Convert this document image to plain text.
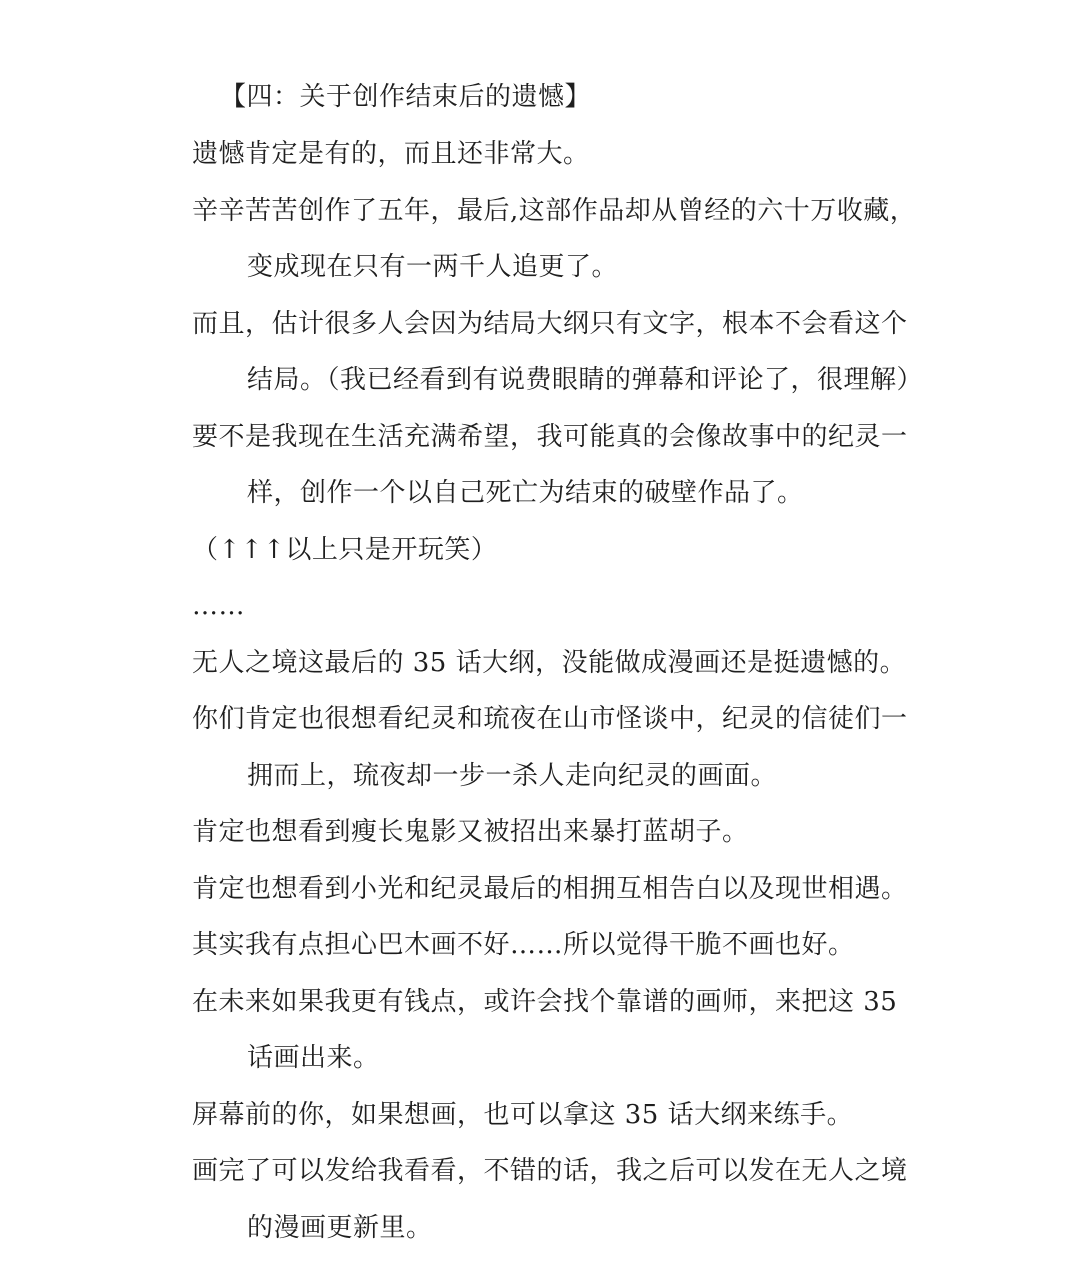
【四：关于创作结束后的遗憾】
遗憾肯定是有的，而且还非常大。
辛辛苦苦创作了五年，最后,这部作品却从曾经的六十万收藏，
变成现在只有一两千人追更了。
而且，估计很多人会因为结局大纲只有文字，根本不会看这个
结局。（我已经看到有说费眼睛的弹幕和评论了，很理解）
要不是我现在生活充满希望，我可能真的会像故事中的纪灵一
样，创作一个以自己死亡为结束的破壁作品了。
（↑↑↑以上只是开玩笑）
……
无人之境这最后的 35 话大纲，没能做成漫画还是挺遗憾的。
你们肯定也很想看纪灵和琉夜在山市怪谈中，纪灵的信徒们一
拥而上，琉夜却一步一杀人走向纪灵的画面。
肯定也想看到瘦长鬼影又被招出来暴打蓝胡子。
肯定也想看到小光和纪灵最后的相拥互相告白以及现世相遇。
其实我有点担心巴木画不好……所以觉得干脆不画也好。
在未来如果我更有钱点，或许会找个靠谱的画师，来把这 35
话画出来。
屏幕前的你，如果想画，也可以拿这 35 话大纲来练手。
画完了可以发给我看看，不错的话，我之后可以发在无人之境
的漫画更新里。
